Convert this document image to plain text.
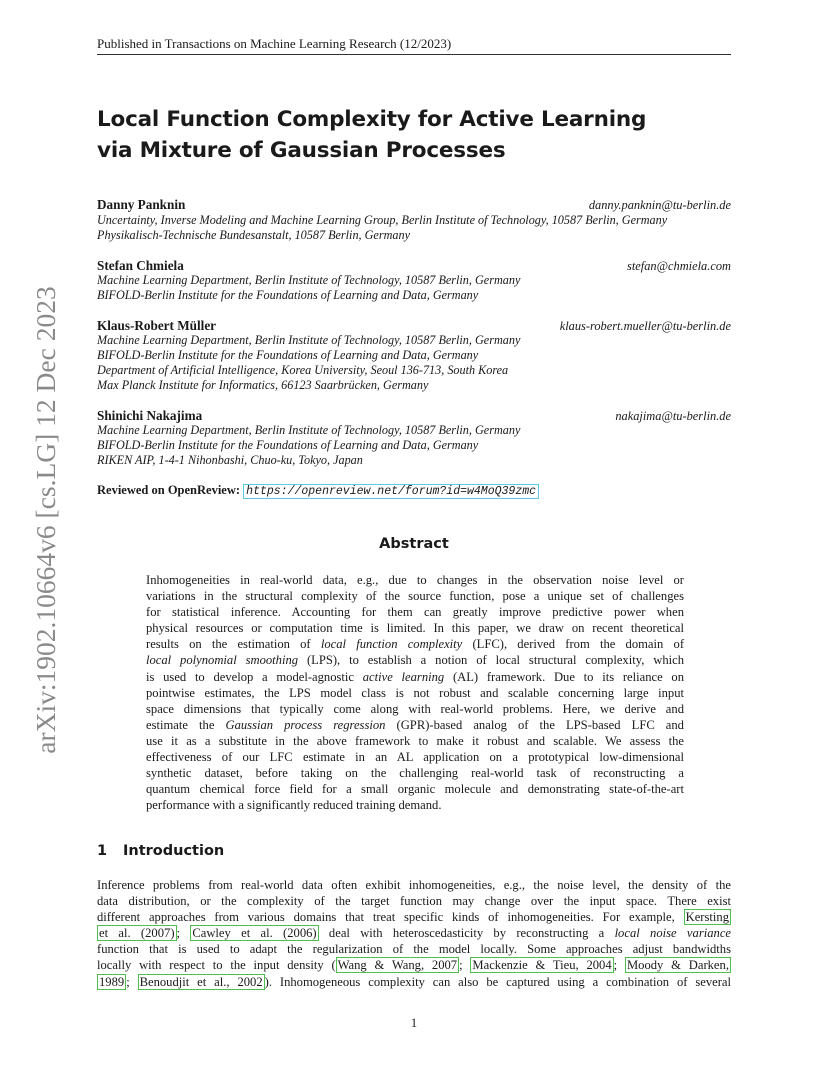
Published in Transactions on Machine Learning Research (12/2023)
Local Function Complexity for Active Learning
via Mixture of Gaussian Processes
arXiv:1902.10664v6 [cs.LG] 12 Dec 2023
Danny Panknin	danny.panknin@tu-berlin.de
Uncertainty, Inverse Modeling and Machine Learning Group, Berlin Institute of Technology, 10587 Berlin, Germany
Physikalisch-Technische Bundesanstalt, 10587 Berlin, Germany
Stefan Chmiela	stefan@chmiela.com
Machine Learning Department, Berlin Institute of Technology, 10587 Berlin, Germany
BIFOLD-Berlin Institute for the Foundations of Learning and Data, Germany
Klaus-Robert Müller	klaus-robert.mueller@tu-berlin.de
Machine Learning Department, Berlin Institute of Technology, 10587 Berlin, Germany
BIFOLD-Berlin Institute for the Foundations of Learning and Data, Germany
Department of Artificial Intelligence, Korea University, Seoul 136-713, South Korea
Max Planck Institute for Informatics, 66123 Saarbrücken, Germany
Shinichi Nakajima	nakajima@tu-berlin.de
Machine Learning Department, Berlin Institute of Technology, 10587 Berlin, Germany
BIFOLD-Berlin Institute for the Foundations of Learning and Data, Germany
RIKEN AIP, 1-4-1 Nihonbashi, Chuo-ku, Tokyo, Japan
Reviewed on OpenReview: https://openreview.net/forum?id=w4MoQ39zmc
Abstract
Inhomogeneities in real-world data, e.g., due to changes in the observation noise level or
variations in the structural complexity of the source function, pose a unique set of challenges
for statistical inference. Accounting for them can greatly improve predictive power when
physical resources or computation time is limited. In this paper, we draw on recent theoretical
results on the estimation of local function complexity (LFC), derived from the domain of
local polynomial smoothing (LPS), to establish a notion of local structural complexity, which
is used to develop a model-agnostic active learning (AL) framework. Due to its reliance on
pointwise estimates, the LPS model class is not robust and scalable concerning large input
space dimensions that typically come along with real-world problems. Here, we derive and
estimate the Gaussian process regression (GPR)-based analog of the LPS-based LFC and
use it as a substitute in the above framework to make it robust and scalable. We assess the
effectiveness of our LFC estimate in an AL application on a prototypical low-dimensional
synthetic dataset, before taking on the challenging real-world task of reconstructing a
quantum chemical force field for a small organic molecule and demonstrating state-of-the-art
performance with a significantly reduced training demand.
1 Introduction
Inference problems from real-world data often exhibit inhomogeneities, e.g., the noise level, the density of the
data distribution, or the complexity of the target function may change over the input space. There exist
different approaches from various domains that treat specific kinds of inhomogeneities. For example, Kersting
et al. (2007) ; Cawley et al. (2006) deal with heteroscedasticity by reconstructing a local noise variance
function that is used to adapt the regularization of the model locally. Some approaches adjust bandwidths
locally with respect to the input density ( Wang & Wang, 2007 ; Mackenzie & Tieu, 2004 ; Moody & Darken,
1989 ; Benoudjit et al., 2002 ). Inhomogeneous complexity can also be captured using a combination of several
1
